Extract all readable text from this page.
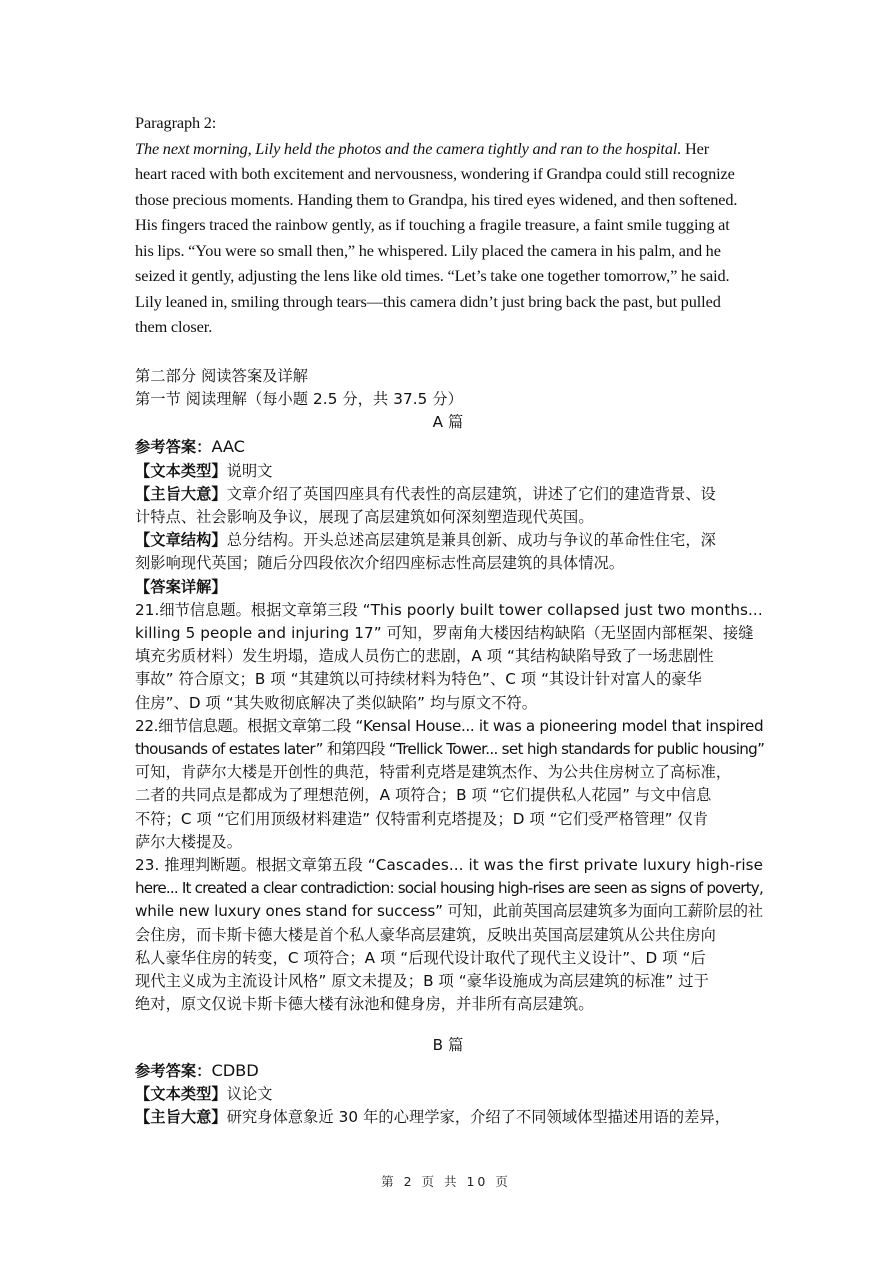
Paragraph 2:

The next morning, Lily held the photos and the camera tightly and ran to the hospital. Her

heart raced with both excitement and nervousness, wondering if Grandpa could still recognize

those precious moments. Handing them to Grandpa, his tired eyes widened, and then softened.

His fingers traced the rainbow gently, as if touching a fragile treasure, a faint smile tugging at

his lips. “You were so small then,” he whispered. Lily placed the camera in his palm, and he

seized it gently, adjusting the lens like old times. “Let’s take one together tomorrow,” he said.

Lily leaned in, smiling through tears—this camera didn’t just bring back the past, but pulled

them closer.

第二部分 阅读答案及详解

第一节 阅读理解（每小题 2.5 分，共 37.5 分）

A 篇

参考答案：AAC

【文本类型】说明文

【主旨大意】文章介绍了英国四座具有代表性的高层建筑，讲述了它们的建造背景、设

计特点、社会影响及争议，展现了高层建筑如何深刻塑造现代英国。

【文章结构】总分结构。开头总述高层建筑是兼具创新、成功与争议的革命性住宅，深

刻影响现代英国；随后分四段依次介绍四座标志性高层建筑的具体情况。

【答案详解】

21.细节信息题。根据文章第三段 “This poorly built tower collapsed just two months...

killing 5 people and injuring 17” 可知，罗南角大楼因结构缺陷（无坚固内部框架、接缝

填充劣质材料）发生坍塌，造成人员伤亡的悲剧，A 项 “其结构缺陷导致了一场悲剧性

事故” 符合原文；B 项 “其建筑以可持续材料为特色”、C 项 “其设计针对富人的豪华

住房”、D 项 “其失败彻底解决了类似缺陷” 均与原文不符。

22.细节信息题。根据文章第二段 “Kensal House... it was a pioneering model that inspired

thousands of estates later” 和第四段 “Trellick Tower... set high standards for public housing”

可知，肯萨尔大楼是开创性的典范，特雷利克塔是建筑杰作、为公共住房树立了高标准，

二者的共同点是都成为了理想范例，A 项符合；B 项 “它们提供私人花园” 与文中信息

不符；C 项 “它们用顶级材料建造” 仅特雷利克塔提及；D 项 “它们受严格管理” 仅肯

萨尔大楼提及。

23. 推理判断题。根据文章第五段 “Cascades... it was the first private luxury high-rise

here... It created a clear contradiction: social housing high-rises are seen as signs of poverty,

while new luxury ones stand for success” 可知，此前英国高层建筑多为面向工薪阶层的社

会住房，而卡斯卡德大楼是首个私人豪华高层建筑，反映出英国高层建筑从公共住房向

私人豪华住房的转变，C 项符合；A 项 “后现代设计取代了现代主义设计”、D 项 “后

现代主义成为主流设计风格” 原文未提及；B 项 “豪华设施成为高层建筑的标准” 过于

绝对，原文仅说卡斯卡德大楼有泳池和健身房，并非所有高层建筑。

B 篇

参考答案：CDBD

【文本类型】议论文

【主旨大意】研究身体意象近 30 年的心理学家，介绍了不同领域体型描述用语的差异，

第 2 页 共 10 页
